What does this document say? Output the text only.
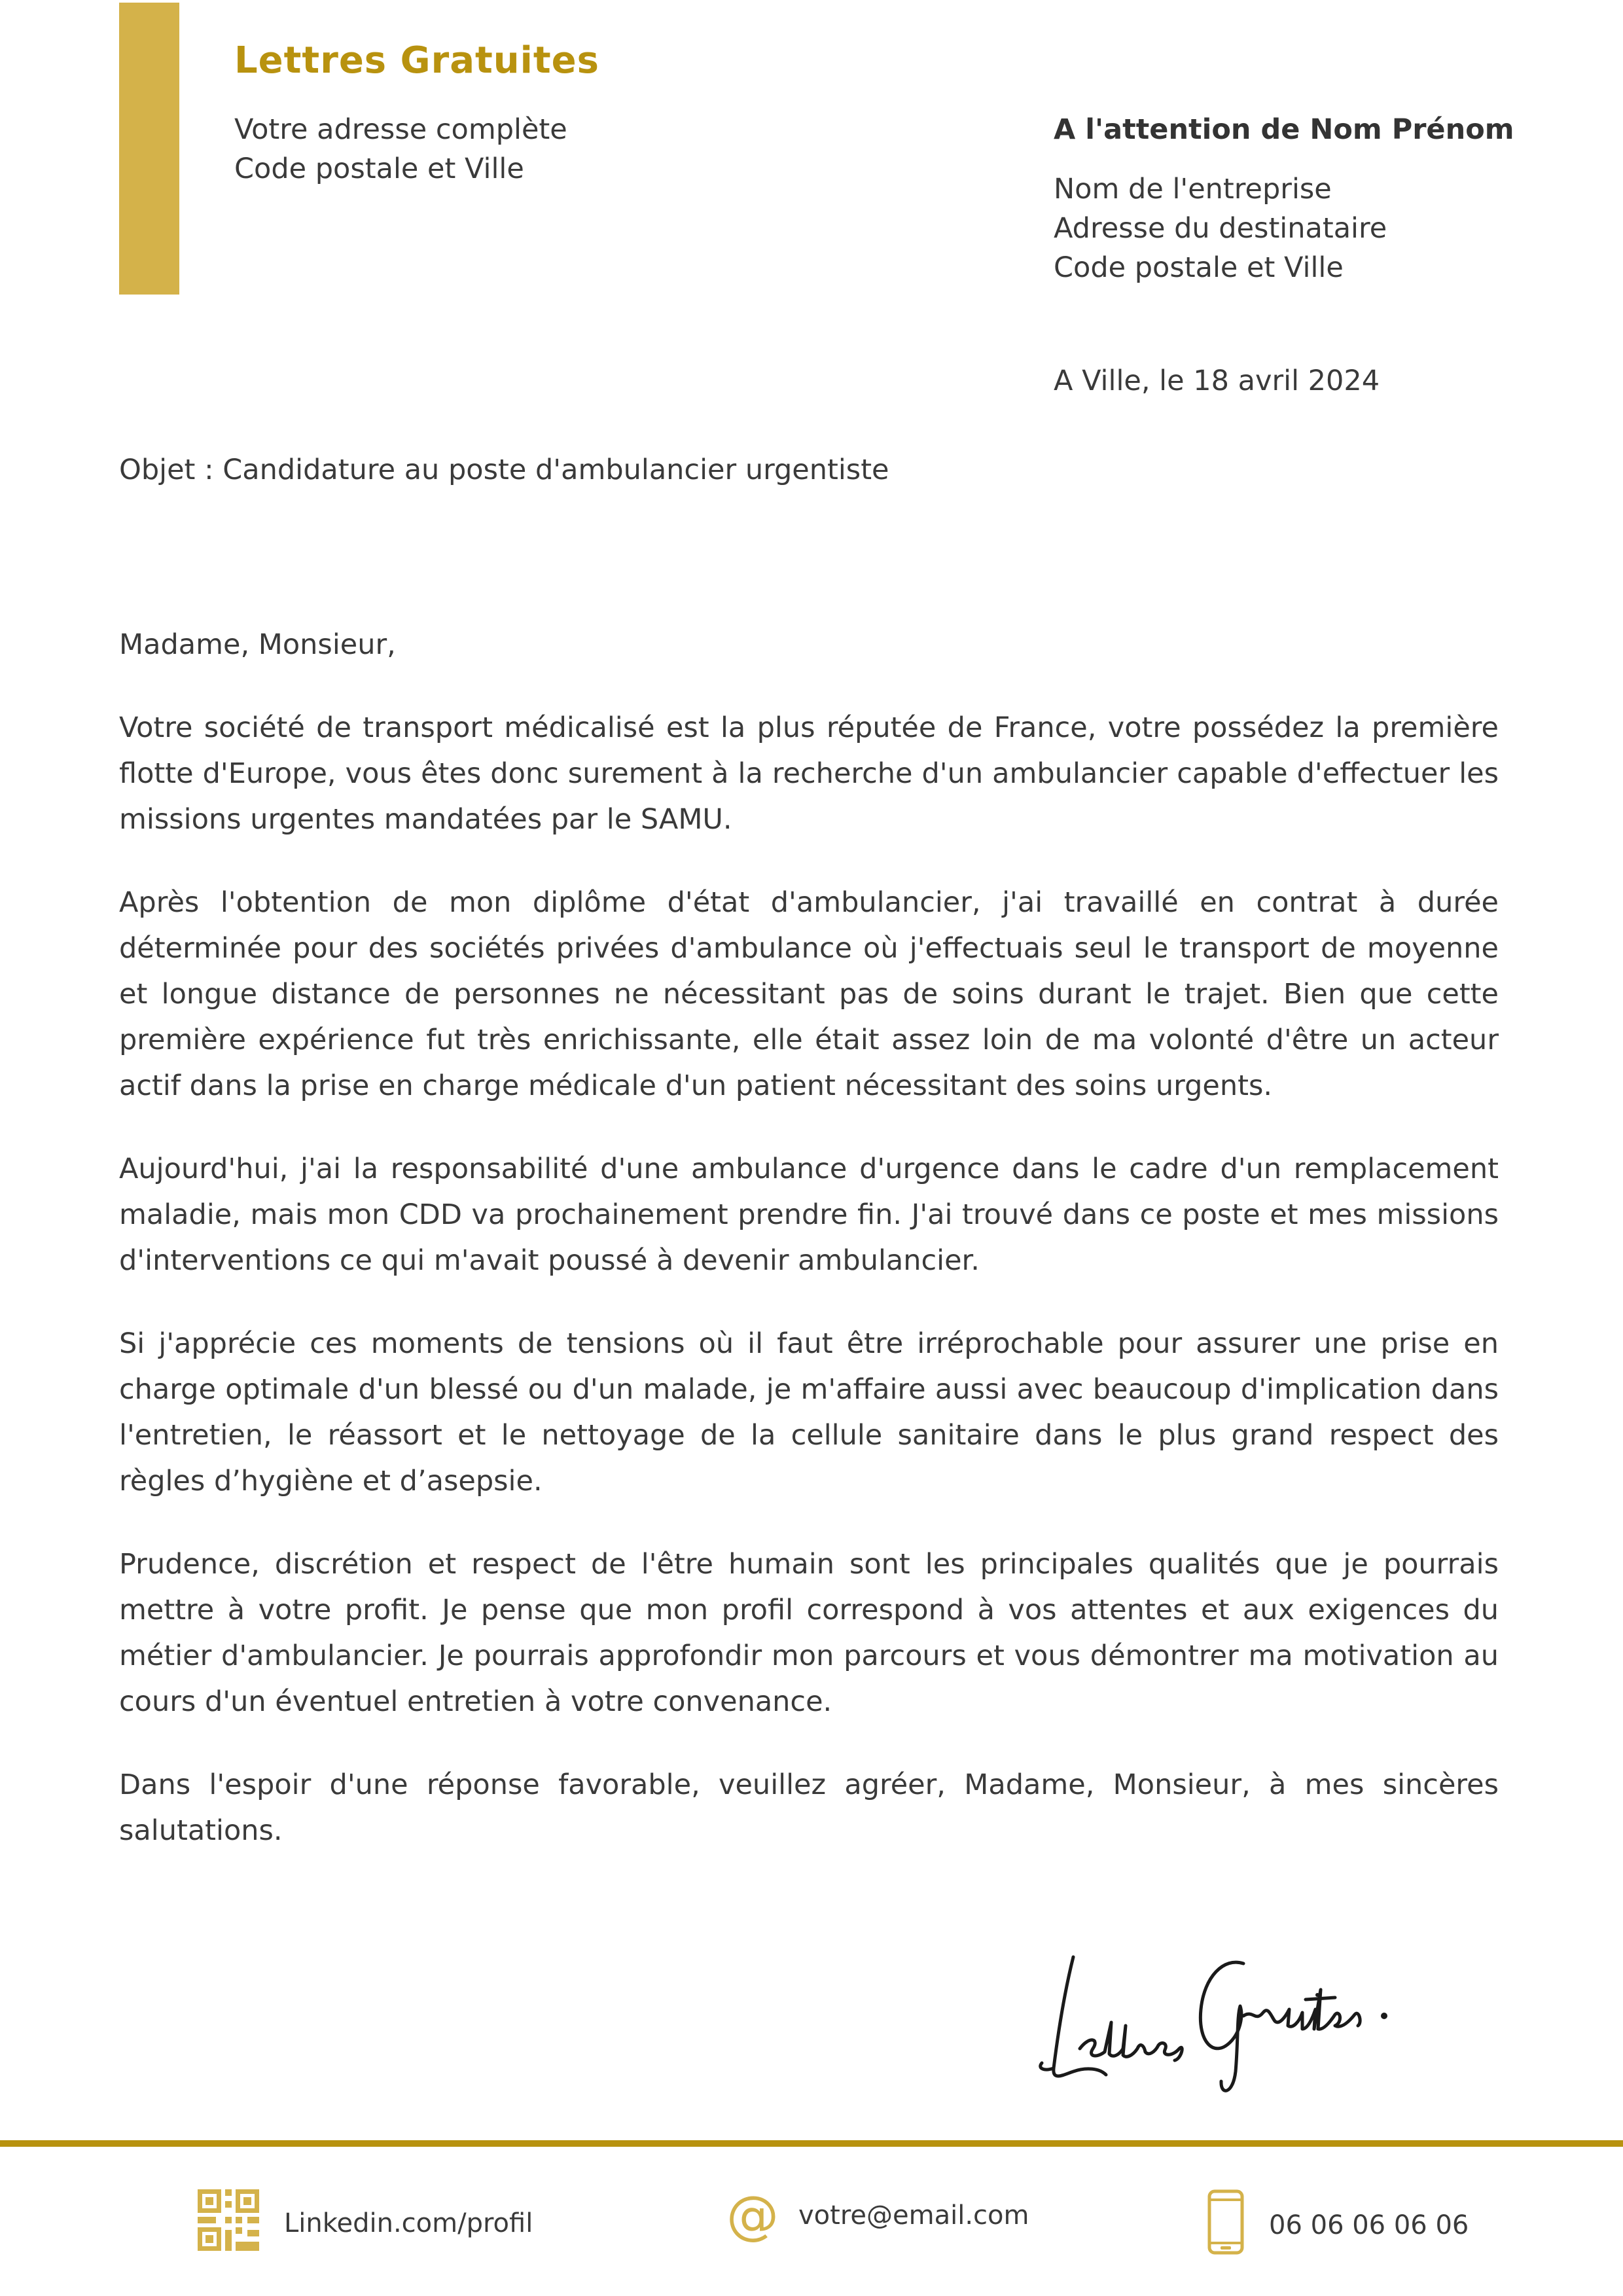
Lettres Gratuites
Votre adresse complète
Code postale et Ville
A l'attention de Nom Prénom
Nom de l'entreprise
Adresse du destinataire
Code postale et Ville
A Ville, le 18 avril 2024
Objet : Candidature au poste d'ambulancier urgentiste

Madame, Monsieur,

Votre société de transport médicalisé est la plus réputée de France, votre possédez la première flotte d'Europe, vous êtes donc surement à la recherche d'un ambulancier capable d'effectuer les missions urgentes mandatées par le SAMU.

Après l'obtention de mon diplôme d'état d'ambulancier, j'ai travaillé en contrat à durée déterminée pour des sociétés privées d'ambulance où j'effectuais seul le transport de moyenne et longue distance de personnes ne nécessitant pas de soins durant le trajet. Bien que cette première expérience fut très enrichissante, elle était assez loin de ma volonté d'être un acteur actif dans la prise en charge médicale d'un patient nécessitant des soins urgents.

Aujourd'hui, j'ai la responsabilité d'une ambulance d'urgence dans le cadre d'un remplacement maladie, mais mon CDD va prochainement prendre fin. J'ai trouvé dans ce poste et mes missions d'interventions ce qui m'avait poussé à devenir ambulancier.

Si j'apprécie ces moments de tensions où il faut être irréprochable pour assurer une prise en charge optimale d'un blessé ou d'un malade, je m'affaire aussi avec beaucoup d'implication dans l'entretien, le réassort et le nettoyage de la cellule sanitaire dans le plus grand respect des règles d’hygiène et d’asepsie.

Prudence, discrétion et respect de l'être humain sont les principales qualités que je pourrais mettre à votre profit. Je pense que mon profil correspond à vos attentes et aux exigences du métier d'ambulancier. Je pourrais approfondir mon parcours et vous démontrer ma motivation au cours d'un éventuel entretien à votre convenance.

Dans l'espoir d'une réponse favorable, veuillez agréer, Madame, Monsieur, à mes sincères salutations.

Linkedin.com/profil	@ votre@email.com	06 06 06 06 06
